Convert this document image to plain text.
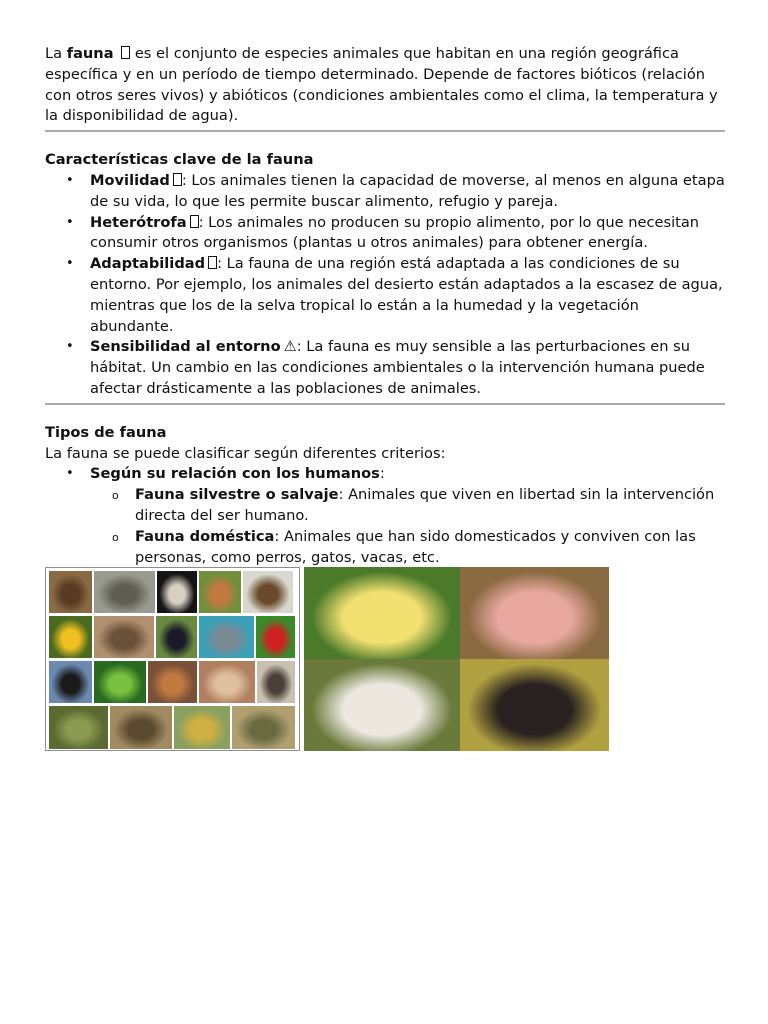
La fauna  es el conjunto de especies animales que habitan en una región geográfica específica y en un período de tiempo determinado. Depende de factores bióticos (relación con otros seres vivos) y abióticos (condiciones ambientales como el clima, la temperatura y la disponibilidad de agua).

Características clave de la fauna
• Movilidad : Los animales tienen la capacidad de moverse, al menos en alguna etapa de su vida, lo que les permite buscar alimento, refugio y pareja.
• Heterótrofa : Los animales no producen su propio alimento, por lo que necesitan consumir otros organismos (plantas u otros animales) para obtener energía.
• Adaptabilidad : La fauna de una región está adaptada a las condiciones de su entorno. Por ejemplo, los animales del desierto están adaptados a la escasez de agua, mientras que los de la selva tropical lo están a la humedad y la vegetación abundante.
• Sensibilidad al entorno ⚠: La fauna es muy sensible a las perturbaciones en su hábitat. Un cambio en las condiciones ambientales o la intervención humana puede afectar drásticamente a las poblaciones de animales.
Tipos de fauna

La fauna se puede clasificar según diferentes criterios:

• Según su relación con los humanos:
o Fauna silvestre o salvaje: Animales que viven en libertad sin la intervención directa del ser humano.
o Fauna doméstica: Animales que han sido domesticados y conviven con las personas, como perros, gatos, vacas, etc.
